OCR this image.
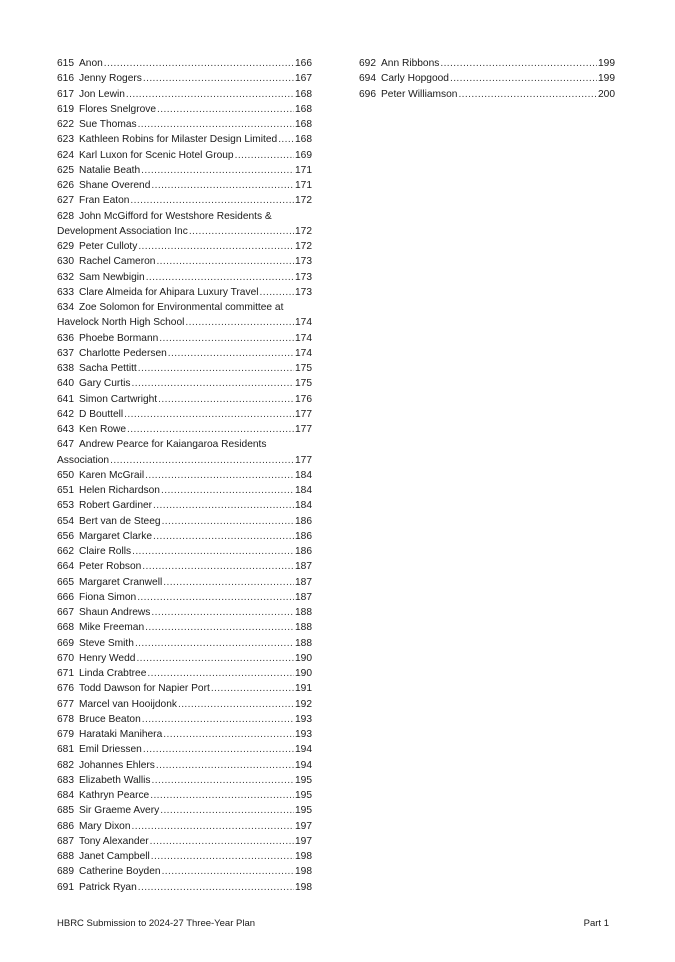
615 Anon .....	166
616 Jenny Rogers .....	167
617 Jon Lewin .....	168
619 Flores Snelgrove .....	168
622 Sue Thomas .....	168
623 Kathleen Robins for Milaster Design Limited ..... 168
624 Karl Luxon for Scenic Hotel Group .....	169
625 Natalie Beath .....	171
626 Shane Overend .....	171
627 Fran Eaton .....	172
628 John McGifford for Westshore Residents &
Development Association Inc .....	172
629 Peter Culloty .....	172
630 Rachel Cameron .....	173
632 Sam Newbigin .....	173
633 Clare Almeida for Ahipara Luxury Travel .....	173
634 Zoe Solomon for Environmental committee at
Havelock North High School .....	174
636 Phoebe Bormann .....	174
637 Charlotte Pedersen .....	174
638 Sacha Pettitt .....	175
640 Gary Curtis .....	175
641 Simon Cartwright .....	176
642 D Bouttell .....	177
643 Ken Rowe .....	177
647 Andrew Pearce for Kaiangaroa Residents
Association .....	177
650 Karen McGrail .....	184
651 Helen Richardson .....	184
653 Robert Gardiner .....	184
654 Bert van de Steeg .....	186
656 Margaret Clarke .....	186
662 Claire Rolls .....	186
664 Peter Robson .....	187
665 Margaret Cranwell .....	187
666 Fiona Simon .....	187
667 Shaun Andrews .....	188
668 Mike Freeman .....	188
669 Steve Smith .....	188
670 Henry Wedd .....	190
671 Linda Crabtree .....	190
676 Todd Dawson for Napier Port .....	191
677 Marcel van Hooijdonk .....	192
678 Bruce Beaton .....	193
679 Harataki Manihera .....	193
681 Emil Driessen .....	194
682 Johannes Ehlers .....	194
683 Elizabeth Wallis .....	195
684 Kathryn Pearce .....	195
685 Sir Graeme Avery .....	195
686 Mary Dixon .....	197
687 Tony Alexander .....	197
688 Janet Campbell .....	198
689 Catherine Boyden .....	198
691 Patrick Ryan .....	198
692 Ann Ribbons .....	199
694 Carly Hopgood .....	199
696 Peter Williamson .....	200
HBRC Submission to 2024-27 Three-Year Plan	Part 1
